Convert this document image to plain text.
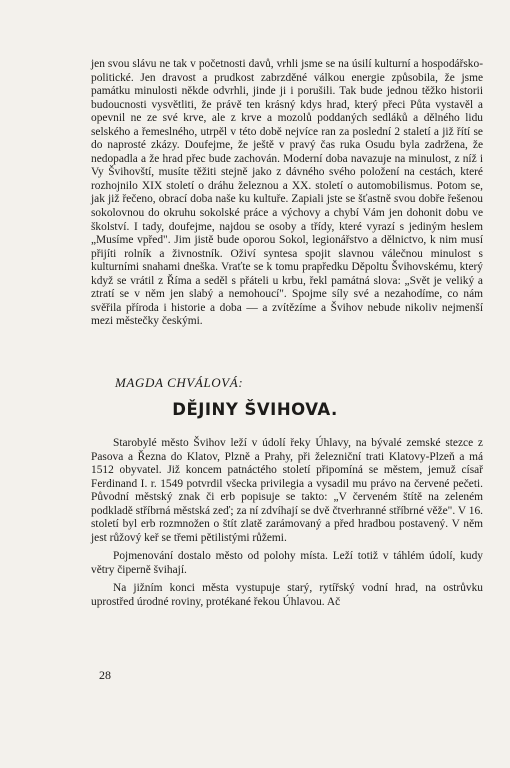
jen svou slávu ne tak v početnosti davů, vrhli jsme se na úsilí kulturní a hospodářsko-politické. Jen dravost a prudkost zabrzděné válkou energie způsobila, že jsme památku minulosti někde odvrhli, jinde ji i porušili. Tak bude jednou těžko historii budoucnosti vysvětliti, že právě ten krásný kdys hrad, který přeci Půta vystavěl a opevnil ne ze své krve, ale z krve a mozolů poddaných sedláků a dělného lidu selského a řemeslného, utrpěl v této době nejvíce ran za poslední 2 staletí a již řítí se do naprosté zkázy. Doufejme, že ještě v pravý čas ruka Osudu byla zadržena, že nedopadla a že hrad přec bude zachován. Moderní doba navazuje na minulost, z níž i Vy Švihovští, musíte těžiti stejně jako z dávného svého položení na cestách, které rozhojnilo XIX století o dráhu železnou a XX. století o automobilismus. Potom se, jak již řečeno, obrací doba naše ku kultuře. Zapiali jste se šťastně svou dobře řešenou sokolovnou do okruhu sokolské práce a výchovy a chybí Vám jen dohonit dobu ve školství. I tady, doufejme, najdou se osoby a třídy, které vyrazí s jediným heslem „Musíme vpřed". Jim jistě bude oporou Sokol, legionářstvo a dělnictvo, k nim musí přijíti rolník a živnostník. Oživí syntesa spojit slavnou válečnou minulost s kulturními snahami dneška. Vraťte se k tomu prapředku Děpoltu Švihovskému, který když se vrátil z Říma a seděl s přáteli u krbu, řekl památná slova: „Svět je veliký a ztratí se v něm jen slabý a nemohoucí". Spojme síly své a nezahodíme, co nám svěřila příroda i historie a doba — a zvítězíme a Švihov nebude nikoliv nejmenší mezi městečky českými.

MAGDA CHVÁLOVÁ:

DĚJINY ŠVIHOVA.

Starobylé město Švihov leží v údolí řeky Úhlavy, na bývalé zemské stezce z Pasova a Řezna do Klatov, Plzně a Prahy, při železniční trati Klatovy-Plzeň a má 1512 obyvatel. Již koncem patnáctého století připomíná se městem, jemuž císař Ferdinand I. r. 1549 potvrdil všecka privilegia a vysadil mu právo na červené pečeti. Původní městský znak či erb popisuje se takto: „V červeném štítě na zeleném podkladě stříbrná městská zeď; za ní zdvíhají se dvě čtverhranné stříbrné věže". V 16. století byl erb rozmnožen o štít zlatě zarámovaný a před hradbou postavený. V něm jest růžový keř se třemi pětilistými růžemi.

Pojmenování dostalo město od polohy místa. Leží totiž v táhlém údolí, kudy větry čiperně švihají.

Na jižním konci města vystupuje starý, rytířský vodní hrad, na ostrůvku uprostřed úrodné roviny, protékané řekou Úhlavou. Ač

28
